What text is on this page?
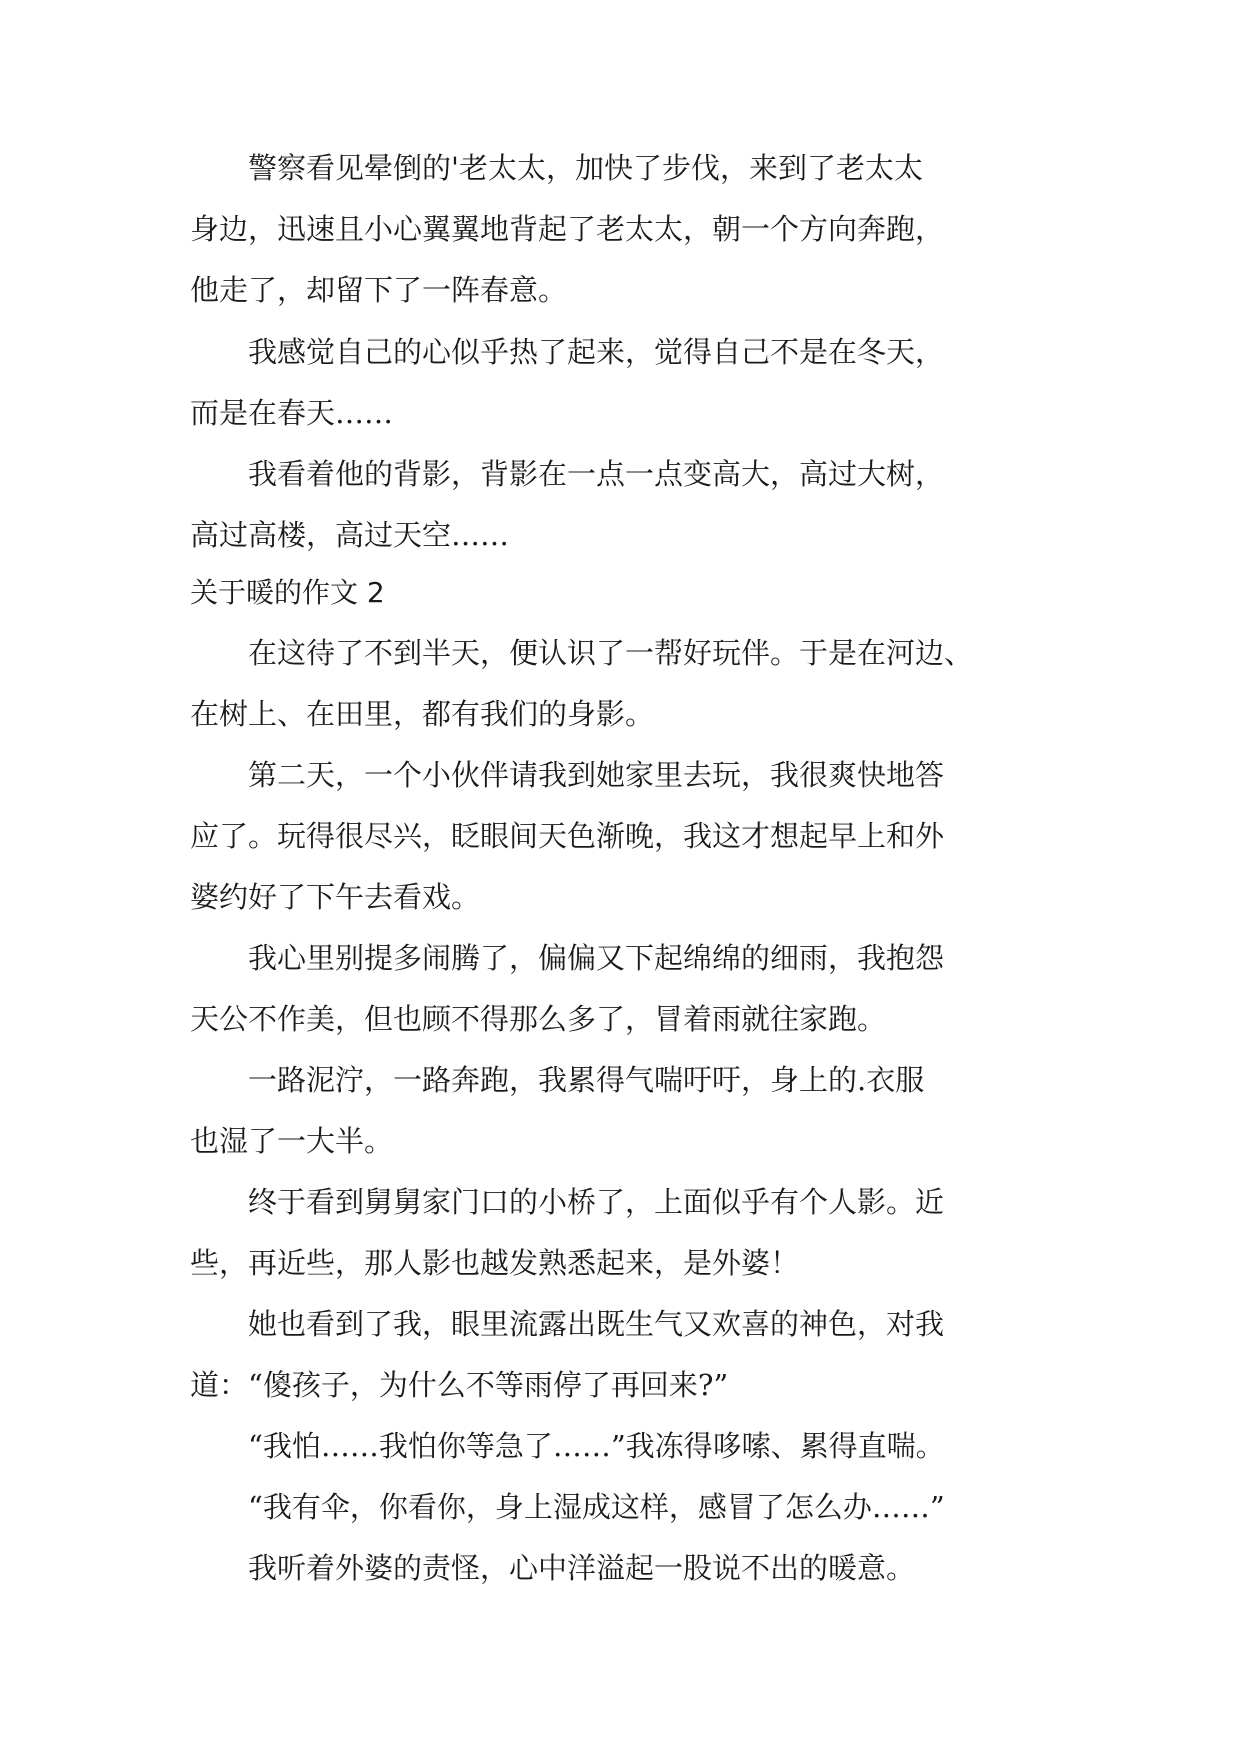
　　警察看见晕倒的'老太太，加快了步伐，来到了老太太
身边，迅速且小心翼翼地背起了老太太，朝一个方向奔跑，
他走了，却留下了一阵春意。
　　我感觉自己的心似乎热了起来，觉得自己不是在冬天，
而是在春天……
　　我看着他的背影，背影在一点一点变高大，高过大树，
高过高楼，高过天空……
关于暖的作文 2
　　在这待了不到半天，便认识了一帮好玩伴。于是在河边、
在树上、在田里，都有我们的身影。
　　第二天，一个小伙伴请我到她家里去玩，我很爽快地答
应了。玩得很尽兴，眨眼间天色渐晚，我这才想起早上和外
婆约好了下午去看戏。
　　我心里别提多闹腾了，偏偏又下起绵绵的细雨，我抱怨
天公不作美，但也顾不得那么多了，冒着雨就往家跑。
　　一路泥泞，一路奔跑，我累得气喘吁吁，身上的.衣服
也湿了一大半。
　　终于看到舅舅家门口的小桥了，上面似乎有个人影。近
些，再近些，那人影也越发熟悉起来，是外婆！
　　她也看到了我，眼里流露出既生气又欢喜的神色，对我
道：“傻孩子，为什么不等雨停了再回来?”
　　“我怕……我怕你等急了……”我冻得哆嗦、累得直喘。
　　“我有伞，你看你，身上湿成这样，感冒了怎么办……”
　　我听着外婆的责怪，心中洋溢起一股说不出的暖意。
